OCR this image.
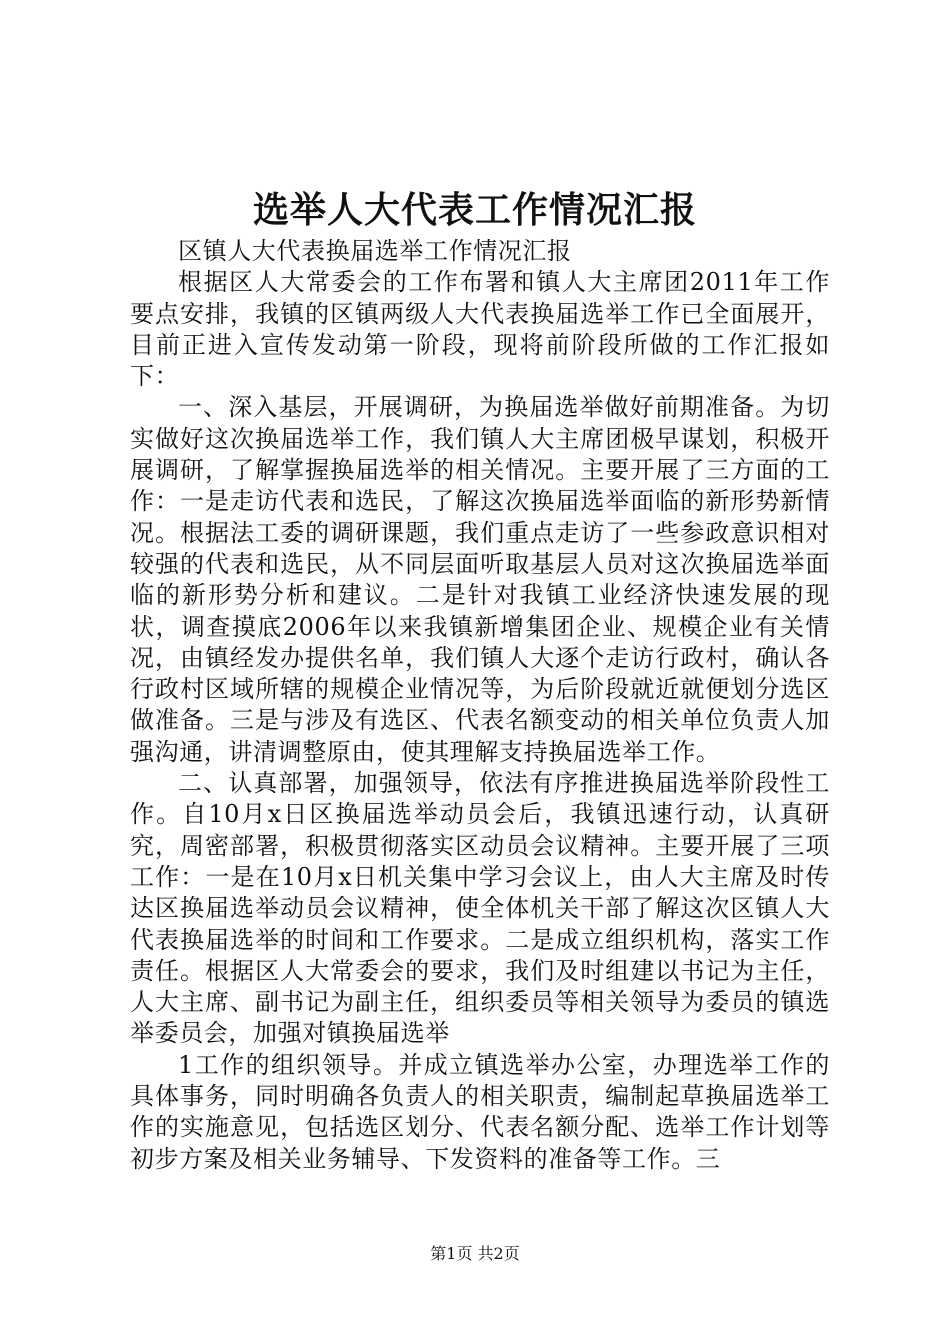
选举人大代表工作情况汇报

区镇人大代表换届选举工作情况汇报

根据区人大常委会的工作布署和镇人大主席团2011年工作要点安排，我镇的区镇两级人大代表换届选举工作已全面展开，目前正进入宣传发动第一阶段，现将前阶段所做的工作汇报如下：

一、深入基层，开展调研，为换届选举做好前期准备。为切实做好这次换届选举工作，我们镇人大主席团极早谋划，积极开展调研，了解掌握换届选举的相关情况。主要开展了三方面的工作：一是走访代表和选民，了解这次换届选举面临的新形势新情况。根据法工委的调研课题，我们重点走访了一些参政意识相对较强的代表和选民，从不同层面听取基层人员对这次换届选举面临的新形势分析和建议。二是针对我镇工业经济快速发展的现状，调查摸底2006年以来我镇新增集团企业、规模企业有关情况，由镇经发办提供名单，我们镇人大逐个走访行政村，确认各行政村区域所辖的规模企业情况等，为后阶段就近就便划分选区做准备。三是与涉及有选区、代表名额变动的相关单位负责人加强沟通，讲清调整原由，使其理解支持换届选举工作。

二、认真部署，加强领导，依法有序推进换届选举阶段性工作。自10月x日区换届选举动员会后，我镇迅速行动，认真研究，周密部署，积极贯彻落实区动员会议精神。主要开展了三项工作：一是在10月x日机关集中学习会议上，由人大主席及时传达区换届选举动员会议精神，使全体机关干部了解这次区镇人大代表换届选举的时间和工作要求。二是成立组织机构，落实工作责任。根据区人大常委会的要求，我们及时组建以书记为主任，人大主席、副书记为副主任，组织委员等相关领导为委员的镇选举委员会，加强对镇换届选举

1工作的组织领导。并成立镇选举办公室，办理选举工作的具体事务，同时明确各负责人的相关职责，编制起草换届选举工作的实施意见，包括选区划分、代表名额分配、选举工作计划等初步方案及相关业务辅导、下发资料的准备等工作。三

第1页 共2页
